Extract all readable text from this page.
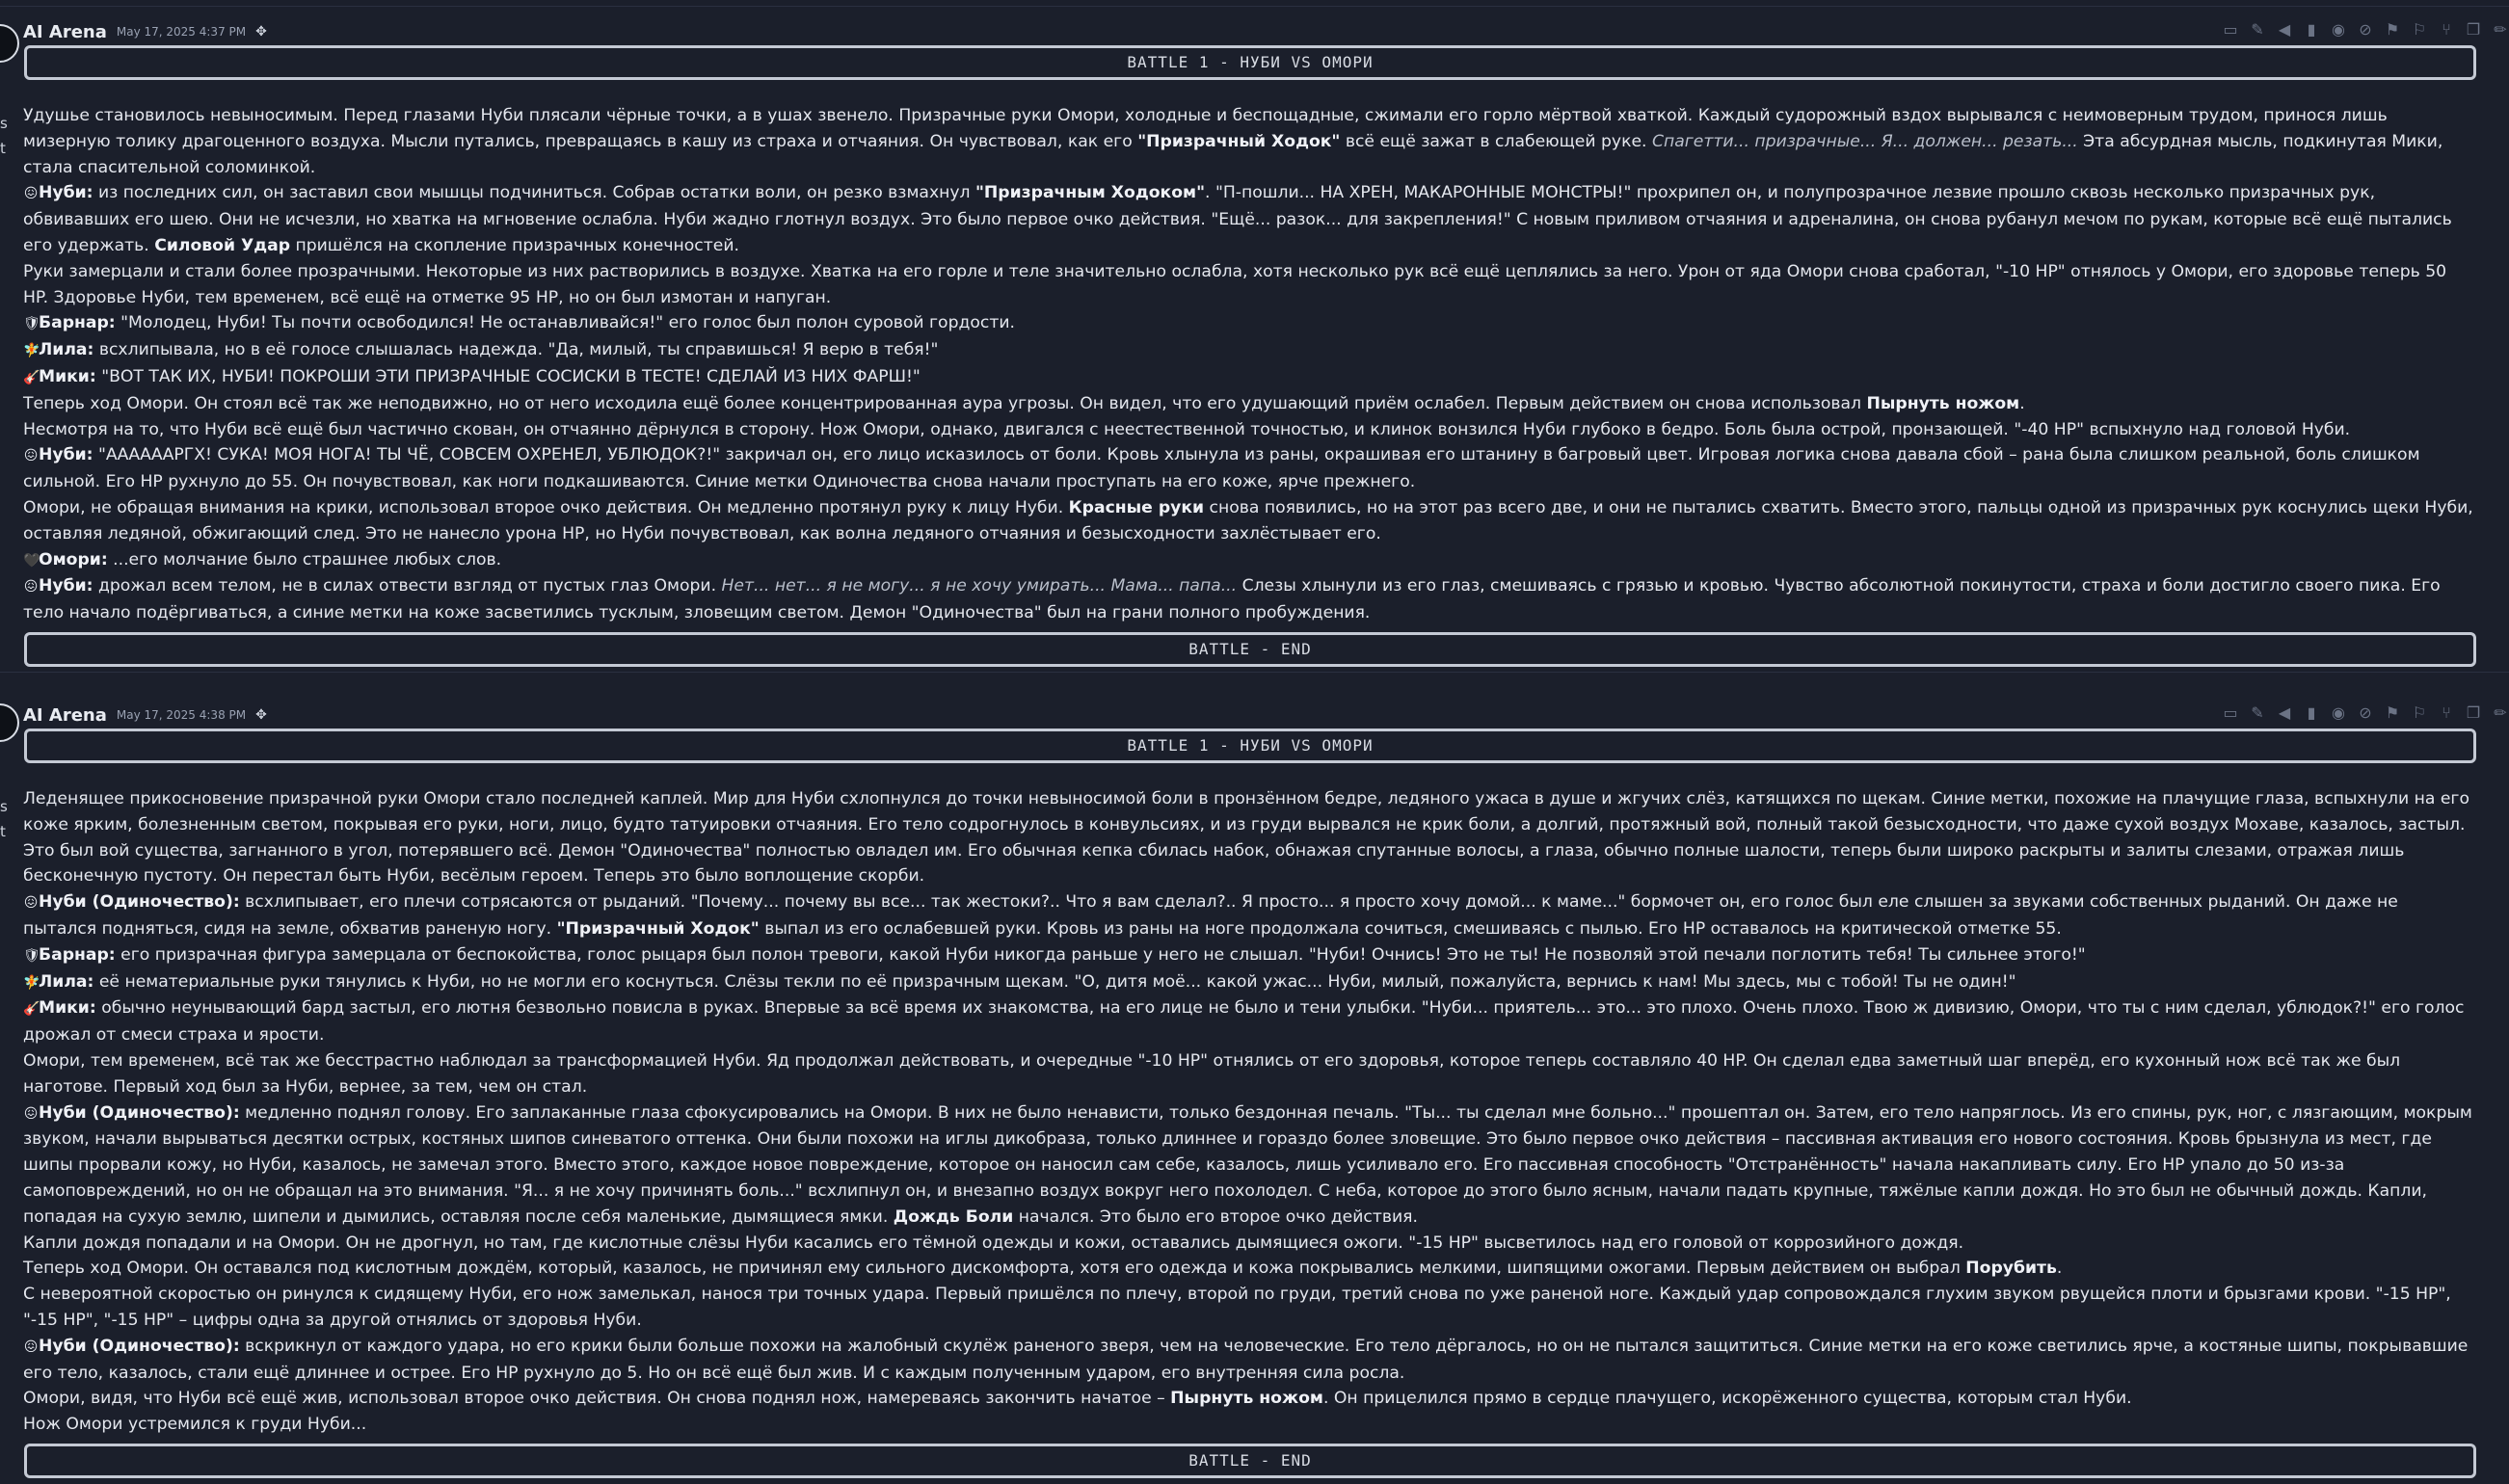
s
t
AI Arena May 17, 2025 4:37 PM ✥	▭ ✎ ◀ ▮ ◉ ⊘ ⚑ ⚐ ⑂ ❐ ✏
BATTLE 1 - НУБИ VS ОМОРИ

Удушье становилось невыносимым. Перед глазами Нуби плясали чёрные точки, а в ушах звенело. Призрачные руки Омори, холодные и беспощадные, сжимали его горло мёртвой хваткой. Каждый судорожный вздох вырывался с неимоверным трудом, принося лишь мизерную толику драгоценного воздуха. Мысли путались, превращаясь в кашу из страха и отчаяния. Он чувствовал, как его "Призрачный Ходок" всё ещё зажат в слабеющей руке. Спагетти... призрачные... Я... должен... резать... Эта абсурдная мысль, подкинутая Мики, стала спасительной соломинкой.

😖Нуби: из последних сил, он заставил свои мышцы подчиниться. Собрав остатки воли, он резко взмахнул "Призрачным Ходоком". "П-пошли... НА ХРЕН, МАКАРОННЫЕ МОНСТРЫ!" прохрипел он, и полупрозрачное лезвие прошло сквозь несколько призрачных рук, обвивавших его шею. Они не исчезли, но хватка на мгновение ослабла. Нуби жадно глотнул воздух. Это было первое очко действия. "Ещё... разок... для закрепления!" С новым приливом отчаяния и адреналина, он снова рубанул мечом по рукам, которые всё ещё пытались его удержать. Силовой Удар пришёлся на скопление призрачных конечностей.

Руки замерцали и стали более прозрачными. Некоторые из них растворились в воздухе. Хватка на его горле и теле значительно ослабла, хотя несколько рук всё ещё цеплялись за него. Урон от яда Омори снова сработал, "-10 HP" отнялось у Омори, его здоровье теперь 50 HP. Здоровье Нуби, тем временем, всё ещё на отметке 95 HP, но он был измотан и напуган.

🛡Барнар: "Молодец, Нуби! Ты почти освободился! Не останавливайся!" его голос был полон суровой гордости.

🧚Лила: всхлипывала, но в её голосе слышалась надежда. "Да, милый, ты справишься! Я верю в тебя!"

🎸Мики: "ВОТ ТАК ИХ, НУБИ! ПОКРОШИ ЭТИ ПРИЗРАЧНЫЕ СОСИСКИ В ТЕСТЕ! СДЕЛАЙ ИЗ НИХ ФАРШ!"

Теперь ход Омори. Он стоял всё так же неподвижно, но от него исходила ещё более концентрированная аура угрозы. Он видел, что его удушающий приём ослабел. Первым действием он снова использовал Пырнуть ножом.

Несмотря на то, что Нуби всё ещё был частично скован, он отчаянно дёрнулся в сторону. Нож Омори, однако, двигался с неестественной точностью, и клинок вонзился Нуби глубоко в бедро. Боль была острой, пронзающей. "-40 HP" вспыхнуло над головой Нуби.

😖Нуби: "ААААААРГХ! СУКА! МОЯ НОГА! ТЫ ЧЁ, СОВСЕМ ОХРЕНЕЛ, УБЛЮДОК?!" закричал он, его лицо исказилось от боли. Кровь хлынула из раны, окрашивая его штанину в багровый цвет. Игровая логика снова давала сбой – рана была слишком реальной, боль слишком сильной. Его HP рухнуло до 55. Он почувствовал, как ноги подкашиваются. Синие метки Одиночества снова начали проступать на его коже, ярче прежнего.

Омори, не обращая внимания на крики, использовал второе очко действия. Он медленно протянул руку к лицу Нуби. Красные руки снова появились, но на этот раз всего две, и они не пытались схватить. Вместо этого, пальцы одной из призрачных рук коснулись щеки Нуби, оставляя ледяной, обжигающий след. Это не нанесло урона HP, но Нуби почувствовал, как волна ледяного отчаяния и безысходности захлёстывает его.

🖤Омори: ...его молчание было страшнее любых слов.

😖Нуби: дрожал всем телом, не в силах отвести взгляд от пустых глаз Омори. Нет... нет... я не могу... я не хочу умирать... Мама... папа... Слезы хлынули из его глаз, смешиваясь с грязью и кровью. Чувство абсолютной покинутости, страха и боли достигло своего пика. Его тело начало подёргиваться, а синие метки на коже засветились тусклым, зловещим светом. Демон "Одиночества" был на грани полного пробуждения.

BATTLE - END
s
t
AI Arena May 17, 2025 4:38 PM ✥	▭ ✎ ◀ ▮ ◉ ⊘ ⚑ ⚐ ⑂ ❐ ✏
BATTLE 1 - НУБИ VS ОМОРИ

Леденящее прикосновение призрачной руки Омори стало последней каплей. Мир для Нуби схлопнулся до точки невыносимой боли в пронзённом бедре, ледяного ужаса в душе и жгучих слёз, катящихся по щекам. Синие метки, похожие на плачущие глаза, вспыхнули на его коже ярким, болезненным светом, покрывая его руки, ноги, лицо, будто татуировки отчаяния. Его тело содрогнулось в конвульсиях, и из груди вырвался не крик боли, а долгий, протяжный вой, полный такой безысходности, что даже сухой воздух Мохаве, казалось, застыл. Это был вой существа, загнанного в угол, потерявшего всё. Демон "Одиночества" полностью овладел им. Его обычная кепка сбилась набок, обнажая спутанные волосы, а глаза, обычно полные шалости, теперь были широко раскрыты и залиты слезами, отражая лишь бесконечную пустоту. Он перестал быть Нуби, весёлым героем. Теперь это было воплощение скорби.

😖Нуби (Одиночество): всхлипывает, его плечи сотрясаются от рыданий. "Почему... почему вы все... так жестоки?.. Что я вам сделал?.. Я просто... я просто хочу домой... к маме..." бормочет он, его голос был еле слышен за звуками собственных рыданий. Он даже не пытался подняться, сидя на земле, обхватив раненую ногу. "Призрачный Ходок" выпал из его ослабевшей руки. Кровь из раны на ноге продолжала сочиться, смешиваясь с пылью. Его HP оставалось на критической отметке 55.

🛡Барнар: его призрачная фигура замерцала от беспокойства, голос рыцаря был полон тревоги, какой Нуби никогда раньше у него не слышал. "Нуби! Очнись! Это не ты! Не позволяй этой печали поглотить тебя! Ты сильнее этого!"

🧚Лила: её нематериальные руки тянулись к Нуби, но не могли его коснуться. Слёзы текли по её призрачным щекам. "О, дитя моё... какой ужас... Нуби, милый, пожалуйста, вернись к нам! Мы здесь, мы с тобой! Ты не один!"

🎸Мики: обычно неунывающий бард застыл, его лютня безвольно повисла в руках. Впервые за всё время их знакомства, на его лице не было и тени улыбки. "Нуби... приятель... это... это плохо. Очень плохо. Твою ж дивизию, Омори, что ты с ним сделал, ублюдок?!" его голос дрожал от смеси страха и ярости.

Омори, тем временем, всё так же бесстрастно наблюдал за трансформацией Нуби. Яд продолжал действовать, и очередные "-10 HP" отнялись от его здоровья, которое теперь составляло 40 HP. Он сделал едва заметный шаг вперёд, его кухонный нож всё так же был наготове. Первый ход был за Нуби, вернее, за тем, чем он стал.

😖Нуби (Одиночество): медленно поднял голову. Его заплаканные глаза сфокусировались на Омори. В них не было ненависти, только бездонная печаль. "Ты... ты сделал мне больно..." прошептал он. Затем, его тело напряглось. Из его спины, рук, ног, с лязгающим, мокрым звуком, начали вырываться десятки острых, костяных шипов синеватого оттенка. Они были похожи на иглы дикобраза, только длиннее и гораздо более зловещие. Это было первое очко действия – пассивная активация его нового состояния. Кровь брызнула из мест, где шипы прорвали кожу, но Нуби, казалось, не замечал этого. Вместо этого, каждое новое повреждение, которое он наносил сам себе, казалось, лишь усиливало его. Его пассивная способность "Отстранённость" начала накапливать силу. Его HP упало до 50 из-за самоповреждений, но он не обращал на это внимания. "Я... я не хочу причинять боль..." всхлипнул он, и внезапно воздух вокруг него похолодел. С неба, которое до этого было ясным, начали падать крупные, тяжёлые капли дождя. Но это был не обычный дождь. Капли, попадая на сухую землю, шипели и дымились, оставляя после себя маленькие, дымящиеся ямки. Дождь Боли начался. Это было его второе очко действия.

Капли дождя попадали и на Омори. Он не дрогнул, но там, где кислотные слёзы Нуби касались его тёмной одежды и кожи, оставались дымящиеся ожоги. "-15 HP" высветилось над его головой от коррозийного дождя.

Теперь ход Омори. Он оставался под кислотным дождём, который, казалось, не причинял ему сильного дискомфорта, хотя его одежда и кожа покрывались мелкими, шипящими ожогами. Первым действием он выбрал Порубить.

С невероятной скоростью он ринулся к сидящему Нуби, его нож замелькал, нанося три точных удара. Первый пришёлся по плечу, второй по груди, третий снова по уже раненой ноге. Каждый удар сопровождался глухим звуком рвущейся плоти и брызгами крови. "-15 HP", "-15 HP", "-15 HP" – цифры одна за другой отнялись от здоровья Нуби.

😖Нуби (Одиночество): вскрикнул от каждого удара, но его крики были больше похожи на жалобный скулёж раненого зверя, чем на человеческие. Его тело дёргалось, но он не пытался защититься. Синие метки на его коже светились ярче, а костяные шипы, покрывавшие его тело, казалось, стали ещё длиннее и острее. Его HP рухнуло до 5. Но он всё ещё был жив. И с каждым полученным ударом, его внутренняя сила росла.

Омори, видя, что Нуби всё ещё жив, использовал второе очко действия. Он снова поднял нож, намереваясь закончить начатое – Пырнуть ножом. Он прицелился прямо в сердце плачущего, искорёженного существа, которым стал Нуби.

Нож Омори устремился к груди Нуби...

BATTLE - END
